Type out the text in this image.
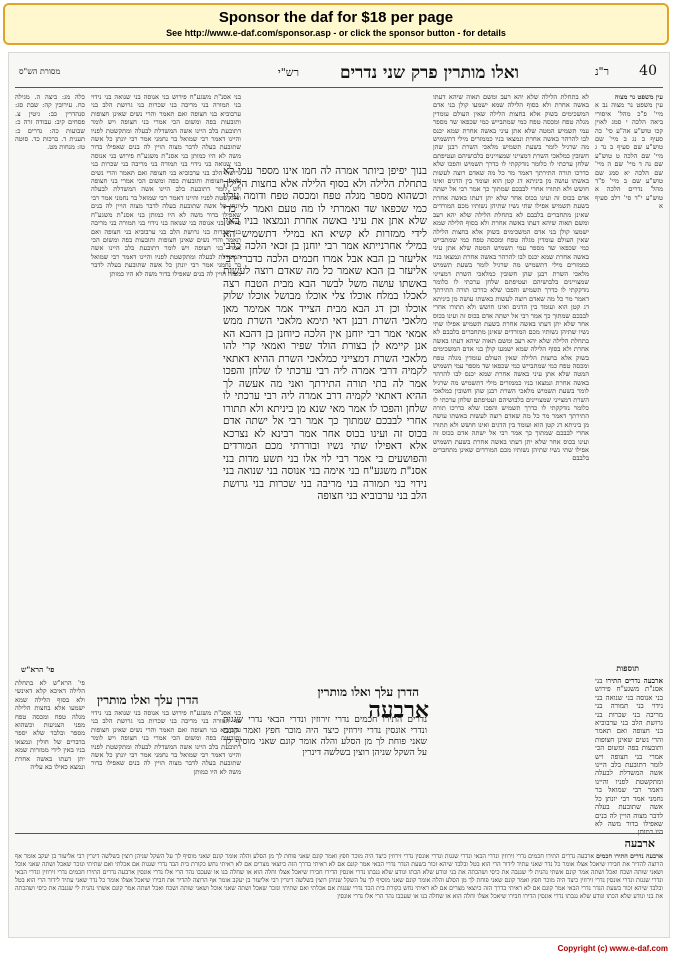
Sponsor the daf for $18 per page
See http://www.e-daf.com/sponsor.asp - or click the sponsor button - for details
40
ר"נ
ואלו מותרין פרק שני נדרים
רש"י
מסורת הש"ס
עין משפט נר מצוה
עין משפט נר מצוה נב א מיי' פ"כ מהל' איסורי ביאה הלכה י סמג לאוין קכו טוש"ע אה"ע סי' כה סעיף ב נג ב מיי' שם טוש"ע שם סעיף ב נד ג מיי' שם הלכה ט טוש"ע שם נה ד מיי' שם ה מיי' שם הלכה יא סמג שם טוש"ע שם ב מיי' פ"ד מהל' נדרים הלכה א טוש"ע י"ד סי' רלב סעיף א
לא בתחלת הלילה שלא יהא רעב ומשם תאוה שיהא דעתו באשה אחרת ולא בסוף הלילה שמא ישמעו קולן בני אדם המשכימים בשוק אלא בחצות הלילה שאין העולם עומדין מגלה טפח ומכסה טפח כמי שמתבייש כמי שכפאו שד מספר עמי תשמיש המטה שלא אתן עיני באשה אחרת שמא יכנס לבו להרהר באשה אחרת ונמצאו בניו כממזרים מילי דתשמיש מה שרגיל לומר בשעת תשמיש מלאכי השרת רבנן שהן חשובין כמלאכי השרת דמצייני שמצויינים בלבושיהם ועטיפתם שלחן ערכתי לו כלומר נזדקקתי לו כדרך תשמיש והפכו שלא כדרכו תורה התירתך דאמר מר כל מה שאדם רוצה לעשות באשתו עושה מן ביניתא דג קטן הוא ועומד בין הדגים ואינו חושש ולא תתורו אחרי לבבכם שמתוך כך אמר רבי אל ישתה אדם בכוס זה ועינו בכוס אחר שלא יתן דעתו באשה אחרת בשעת תשמיש אפילו שתי נשיו שתיהן נשותיו מכם המורדים שאינן מתחברים בלבבם לא בתחלת הלילה שלא יהא רעב ומשם תאוה שיהא דעתו באשה אחרת ולא בסוף הלילה שמא ישמעו קולן בני אדם המשכימים בשוק אלא בחצות הלילה שאין העולם עומדין מגלה טפח ומכסה טפח כמי שמתבייש כמי שכפאו שד מספר עמי תשמיש המטה שלא אתן עיני באשה אחרת שמא יכנס לבו להרהר באשה אחרת ונמצאו בניו כממזרים מילי דתשמיש מה שרגיל לומר בשעת תשמיש מלאכי השרת רבנן שהן חשובין כמלאכי השרת דמצייני שמצויינים בלבושיהם ועטיפתם שלחן ערכתי לו כלומר נזדקקתי לו כדרך תשמיש והפכו שלא כדרכו תורה התירתך דאמר מר כל מה שאדם רוצה לעשות באשתו עושה מן ביניתא דג קטן הוא ועומד בין הדגים ואינו חושש ולא תתורו אחרי לבבכם שמתוך כך אמר רבי אל ישתה אדם בכוס זה ועינו בכוס אחר שלא יתן דעתו באשה אחרת בשעת תשמיש אפילו שתי נשיו שתיהן נשותיו מכם המורדים שאינן מתחברים בלבבם לא בתחלת הלילה שלא יהא רעב ומשם תאוה שיהא דעתו באשה אחרת ולא בסוף הלילה שמא ישמעו קולן בני אדם המשכימים בשוק אלא בחצות הלילה שאין העולם עומדין מגלה טפח ומכסה טפח כמי שמתבייש כמי שכפאו שד מספר עמי תשמיש המטה שלא אתן עיני באשה אחרת שמא יכנס לבו להרהר באשה אחרת ונמצאו בניו כממזרים מילי דתשמיש מה שרגיל לומר בשעת תשמיש מלאכי השרת רבנן שהן חשובין כמלאכי השרת דמצייני שמצויינים בלבושיהם ועטיפתם שלחן ערכתי לו כלומר נזדקקתי לו כדרך תשמיש והפכו שלא כדרכו תורה התירתך דאמר מר כל מה שאדם רוצה לעשות באשתו עושה מן ביניתא דג קטן הוא ועומד בין הדגים ואינו חושש ולא תתורו אחרי לבבכם שמתוך כך אמר רבי אל ישתה אדם בכוס זה ועינו בכוס אחר שלא יתן דעתו באשה אחרת בשעת תשמיש אפילו שתי נשיו שתיהן נשותיו מכם המורדים שאינן מתחברים בלבבם
בנוך יפיפן ביותר אמרה לה חמו אינו מספר עמי לא בתחלת הלילה ולא בסוף הלילה אלא בחצות הלילה וכשהוא מספר מגלה טפח ומכסה טפח ודומה עליו כמי שכפאו שד ואמרתי לו מה טעם ואמר לי כדי שלא אתן את עיני באשה אחרת ונמצאו בניו באין לידי ממזרות לא קשיא הא במילי דתשמיש הא במילי אחרנייתא אמר רבי יוחנן בן זכאי הלכה כרבי אליעזר בן הבא אבל אמרו חכמים הלכה כדברי רבי אליעזר בן הבא שאמר כל מה שאדם רוצה לעשות באשתו עושה משל לבשר הבא מבית הטבח רצה לאכלו במלח אוכלו צלי אוכלו מבושל אוכלו שלוק אוכלו וכן דג הבא מבית הצייד אמר אמימר מאן מלאכי השרת רבנן דאי תימא מלאכי השרת ממש אמאי אמר רבי יוחנן אין הלכה כיוחנן בן דהבא הא אנן קיימא לן בצורת הולד שפיר ואמאי קרי להו מלאכי השרת דמצייני כמלאכי השרת ההיא דאתאי לקמיה דרבי אמרה ליה רבי ערכתי לו שלחן והפכו אמר לה בתי תורה התירתך ואני מה אעשה לך ההיא דאתאי לקמיה דרב אמרה ליה רבי ערכתי לו שלחן והפכו לו אמר מאי שנא מן ביניתא ולא תתורו אחרי לבבכם שמתוך כך אמר רבי אל ישתה אדם בכוס זה ועינו בכוס אחר אמר רבינא לא נצרכא אלא דאפילו שתי נשיו ובוררתי מכם המורדים והפושעים בי אמר רבי לוי אלו בני תשע מדות בני אסנ"ת משגע"ח בני אימה בני אנוסה בני שנואה בני נידוי בני תמורה בני מריבה בני שכרות בני גרושת הלב בני ערבוביא בני חצופה
הדרן עלך ואלו מותרין
ארבעה
נדרים התירו חכמים נדרי זירוזין ונדרי הבאי נדרי שגגות ונדרי אונסין נדרי זירוזין כיצד היה מוכר חפץ ואמר קונם שאני פוחת לך מן הסלע והלה אומר קונם שאני מוסיף לך על השקל שניהן רוצין בשלשה דינרין
בני אסנ"ת משגע"ח פירוש בני אנוסה בני שנואה בני נידוי בני תמורה בני מריבה בני שכרות בני גרושת הלב בני ערבוביא בני חצופה ואם תאמר והרי נשים שאינן חצופות ותובעות בפה ומשום הכי אמרי בני חצופה ויש לומר דתובעת בלב היינו אשה המשדלת לבעלה ומתקשטת לפניו והיינו דאמר רבי שמואל בר נחמני אמר רבי יונתן כל אשה שתובעת בעלה לדבר מצוה הויין לה בנים שאפילו בדור משה לא היו כמותן בני אסנ"ת משגע"ח פירוש בני אנוסה בני שנואה בני נידוי בני תמורה בני מריבה בני שכרות בני גרושת הלב בני ערבוביא בני חצופה ואם תאמר והרי נשים שאינן חצופות ותובעות בפה ומשום הכי אמרי בני חצופה ויש לומר דתובעת בלב היינו אשה המשדלת לבעלה ומתקשטת לפניו והיינו דאמר רבי שמואל בר נחמני אמר רבי יונתן כל אשה שתובעת בעלה לדבר מצוה הויין לה בנים שאפילו בדור משה לא היו כמותן בני אסנ"ת משגע"ח פירוש בני אנוסה בני שנואה בני נידוי בני תמורה בני מריבה בני שכרות בני גרושת הלב בני ערבוביא בני חצופה ואם תאמר והרי נשים שאינן חצופות ותובעות בפה ומשום הכי אמרי בני חצופה ויש לומר דתובעת בלב היינו אשה המשדלת לבעלה ומתקשטת לפניו והיינו דאמר רבי שמואל בר נחמני אמר רבי יונתן כל אשה שתובעת בעלה לדבר מצוה הויין לה בנים שאפילו בדור משה לא היו כמותן
כלה מג: ביצה ה. מגילה כח. עירובין קה: שבת סג: סנהדרין כב: גיטין צ. פסחים קיב: עבודה זרה כ: שבועות כה: נדרים כ: תענית ד. ברכות כד. סוטה טז: מנחות מט.
פי' הרא"ש
פי' הרא"ש לא בתחלת הלילה דאיכא קלא דאינשי ולא בסוף הלילה שמא ישמעו אלא בחצות הלילה מגלה טפח ומכסה טפח מפני הצניעות וכשהוא מספר ובלבד שלא יספר בדברים של חולין ונמצאו בניו באין לידי ממזרות שמא יתן דעתו באשה אחרת ונמצא כאילו בא עליה
הדרן עלך ואלו מותרין
בני אסנ"ת משגע"ח פירוש בני אנוסה בני שנואה בני נידוי בני תמורה בני מריבה בני שכרות בני גרושת הלב בני ערבוביא בני חצופה ואם תאמר והרי נשים שאינן חצופות ותובעות בפה ומשום הכי אמרי בני חצופה ויש לומר דתובעת בלב היינו אשה המשדלת לבעלה ומתקשטת לפניו והיינו דאמר רבי שמואל בר נחמני אמר רבי יונתן כל אשה שתובעת בעלה לדבר מצוה הויין לה בנים שאפילו בדור משה לא היו כמותן
תוספות
ארבעה נדרים התירו בני אסנ"ת משגע"ח פירוש בני אנוסה בני שנואה בני נידוי בני תמורה בני מריבה בני שכרות בני גרושת הלב בני ערבוביא בני חצופה ואם תאמר והרי נשים שאינן חצופות ותובעות בפה ומשום הכי אמרי בני חצופה ויש לומר דתובעת בלב היינו אשה המשדלת לבעלה ומתקשטת לפניו והיינו דאמר רבי שמואל בר נחמני אמר רבי יונתן כל אשה שתובעת בעלה לדבר מצוה הויין לה בנים שאפילו בדור משה לא
ארבעה
ארבעה נדרים התירו חכמים ארבעה נדרים התירו חכמים נדרי זירוזין ונדרי הבאי ונדרי שגגות ונדרי אונסין נדרי זירוזין כיצד היה מוכר חפץ ואמר קונם שאני פוחת לך מן הסלע והלה אומר קונם שאני מוסיף לך על השקל שניהן רוצין בשלשה דינרין רבי אליעזר בן יעקב אומר אף הרוצה להדיר את חבירו שיאכל אצלו אומר כל נדר שאני עתיד לידור הרי הוא בטל ובלבד שיהא זכור בשעת הנדר נדרי הבאי אמר קונם אם לא ראיתי בדרך הזה כיוצאי מצרים אם לא ראיתי נחש כקורת בית הבד נדרי שגגות אם אכלתי ואם שתיתי ונזכר שאכל ושתה שאני אוכל ושאני שותה ושכח ואכל ושתה אמר קונם אשתי נהנית לי שגנבה את כיסי ושהכתה את בני ונודע שלא הכתו ונודע שלא גנבתו נדרי אונסין הדירו חבירו שיאכל אצלו וחלה הוא או שחלה בנו או שעכבו נהר הרי אלו נדרי אונסין ארבעה נדרים התירו חכמים נדרי זירוזין ונדרי הבאי ונדרי שגגות ונדרי אונסין נדרי זירוזין כיצד היה מוכר חפץ ואמר קונם שאני פוחת לך מן הסלע והלה אומר קונם שאני מוסיף לך על השקל שניהן רוצין בשלשה דינרין רבי אליעזר בן יעקב אומר אף הרוצה להדיר את חבירו שיאכל אצלו אומר כל נדר שאני עתיד לידור הרי הוא בטל ובלבד שיהא זכור בשעת הנדר נדרי הבאי אמר קונם אם לא ראיתי בדרך הזה כיוצאי מצרים אם לא ראיתי נחש כקורת בית הבד נדרי שגגות אם אכלתי ואם שתיתי ונזכר שאכל ושתה שאני אוכל ושאני שותה ושכח ואכל ושתה אמר קונם אשתי נהנית לי שגנבה את כיסי ושהכתה את בני ונודע שלא הכתו ונודע שלא גנבתו נדרי אונסין הדירו חבירו שיאכל אצלו וחלה הוא או שחלה בנו או שעכבו נהר הרי אלו נדרי אונסין
Copyright (c) www.e-daf.com
